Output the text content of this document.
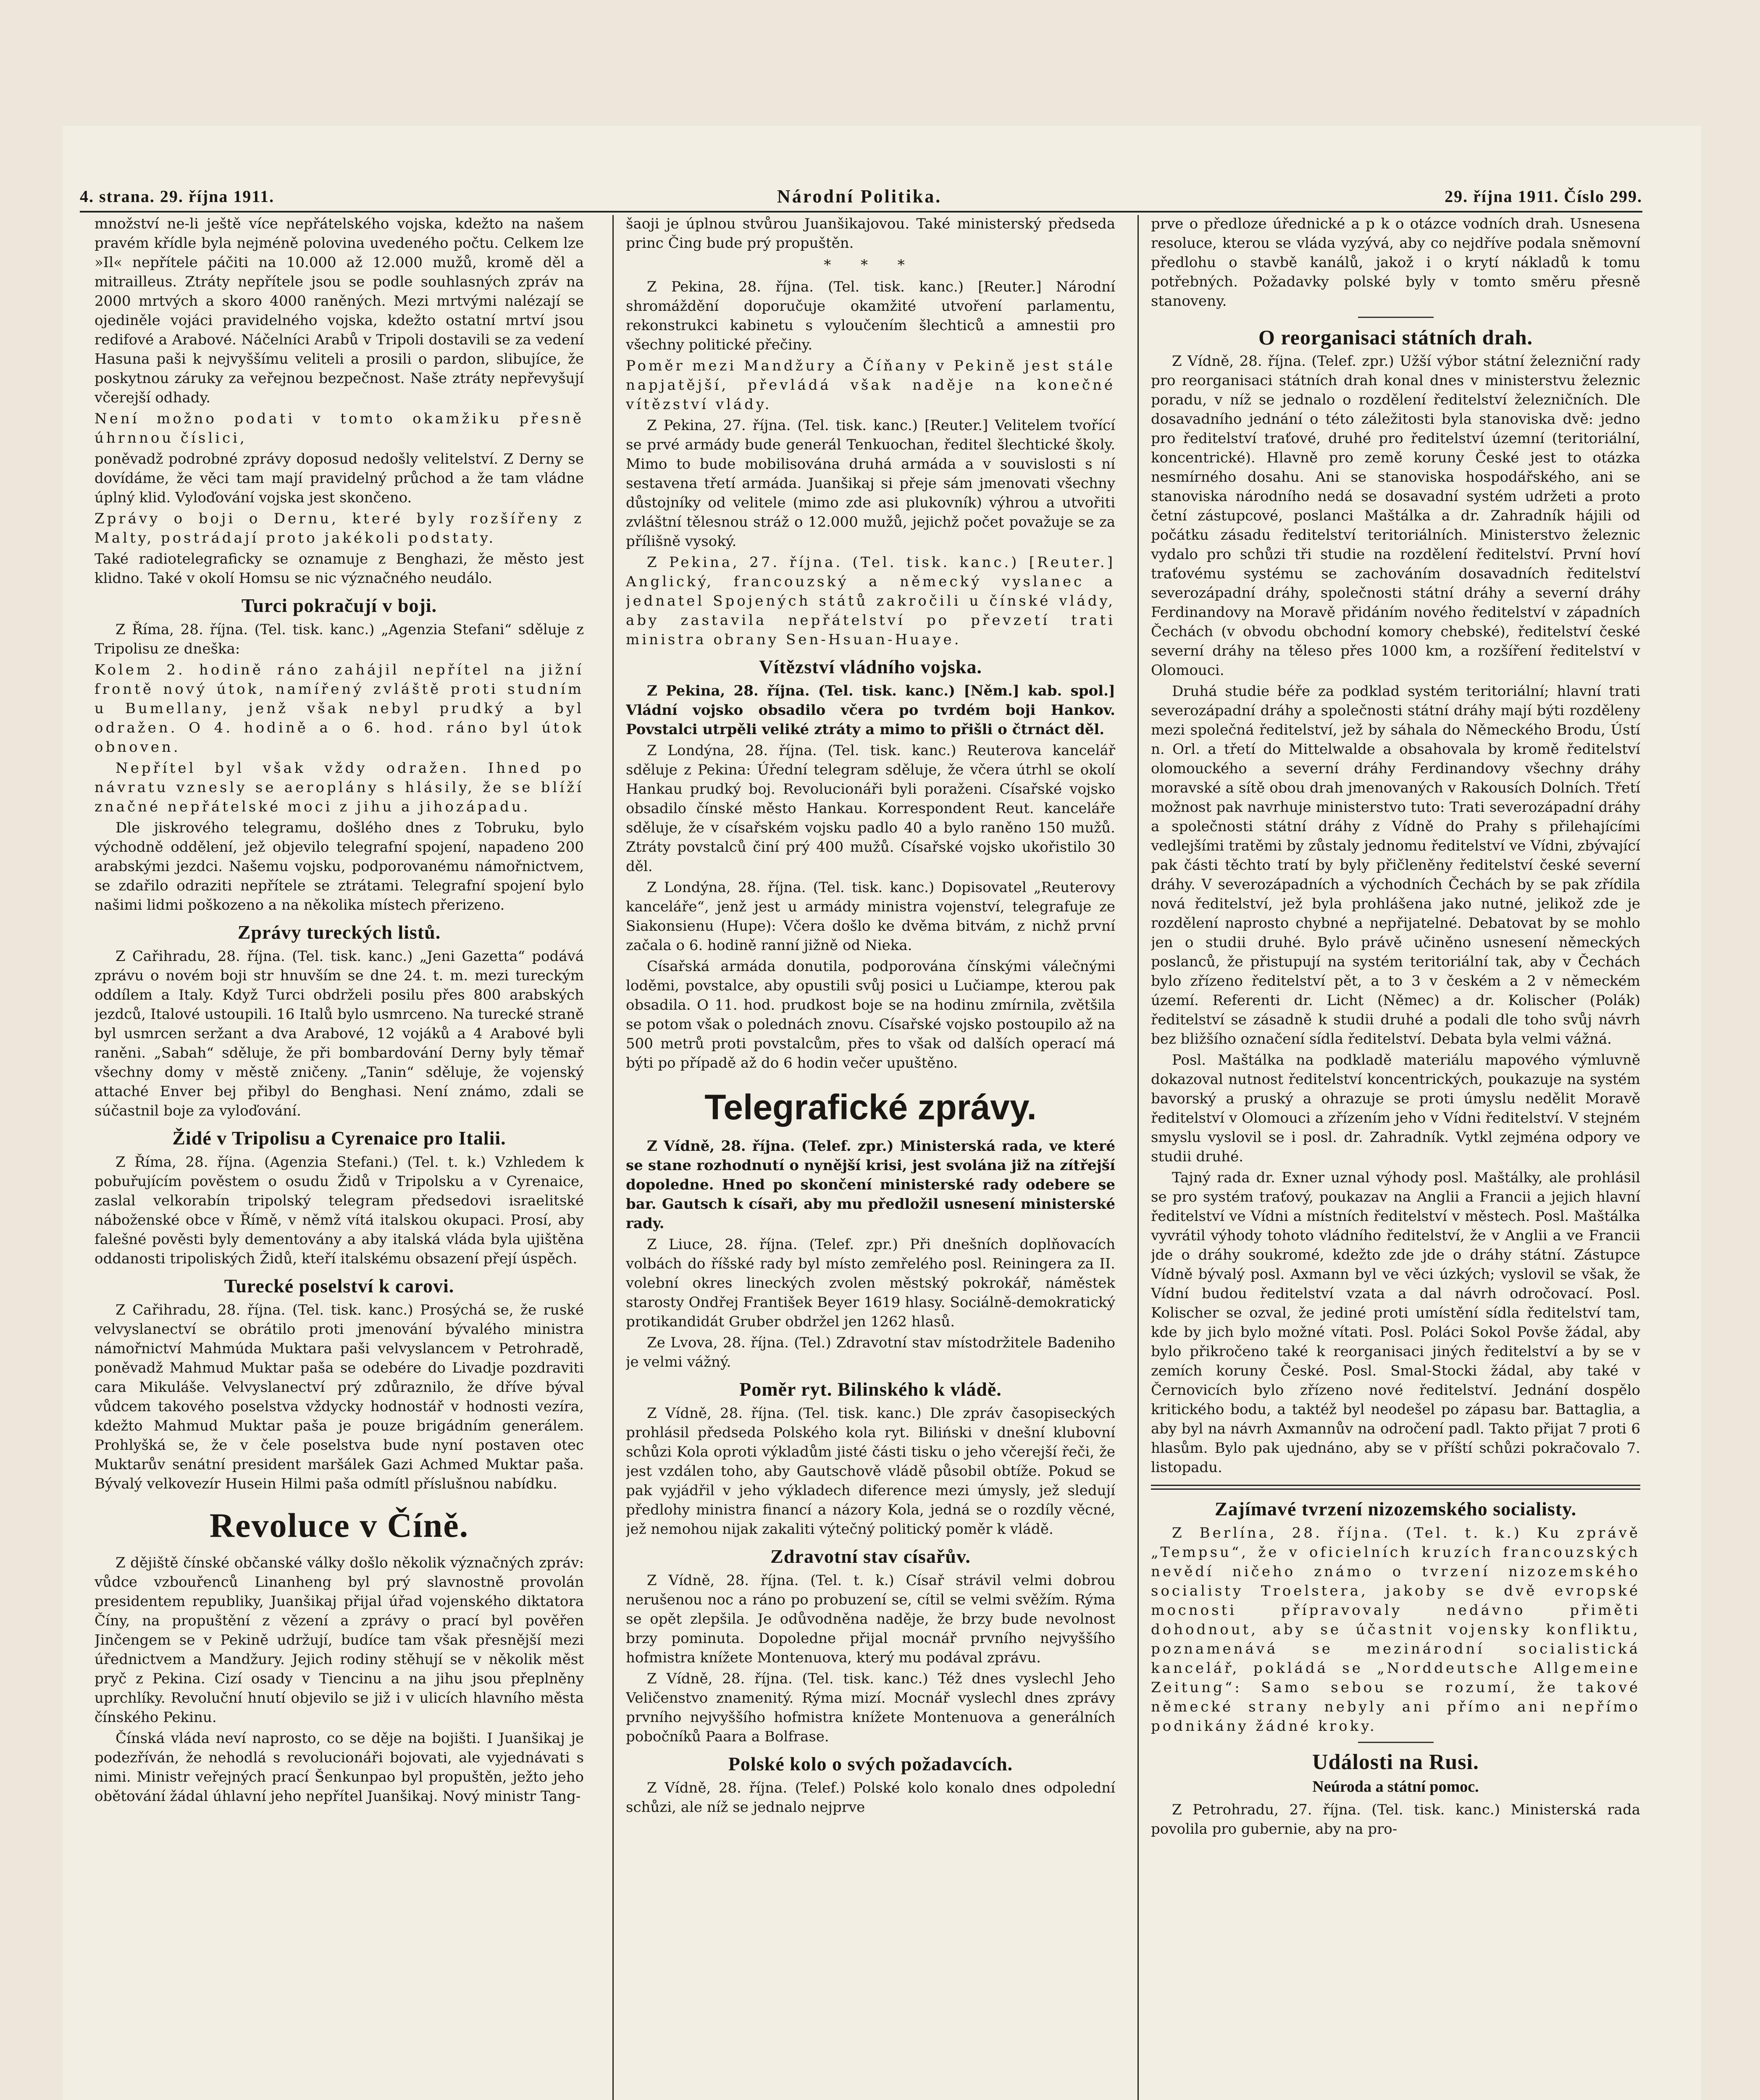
4. strana. 29. října 1911.	Národní Politika.	29. října 1911. Číslo 299.

množství ne-li ještě více nepřátelského vojska, kdežto na našem pravém křídle byla nejméně polovina uvedeného počtu. Celkem lze »Il« nepřítele páčiti na 10.000 až 12.000 mužů, kromě děl a mitrailleus. Ztráty nepřítele jsou se podle souhlasných zpráv na 2000 mrtvých a skoro 4000 raněných. Mezi mrtvými nalézají se ojediněle vojáci pravidelného vojska, kdežto ostatní mrtví jsou redifové a Arabové. Náčelníci Arabů v Tripoli dostavili se za vedení Hasuna paši k nejvyššímu veliteli a prosili o pardon, slibujíce, že poskytnou záruky za veřejnou bezpečnost. Naše ztráty nepřevyšují včerejší odhady.

Není možno podati v tomto okamžiku přesně úhrnnou číslici,

poněvadž podrobné zprávy doposud nedošly velitelství. Z Derny se dovídáme, že věci tam mají pravidelný průchod a že tam vládne úplný klid. Vyloďování vojska jest skončeno.

Zprávy o boji o Dernu, které byly rozšířeny z Malty, postrádají proto jakékoli podstaty.

Také radiotelegraficky se oznamuje z Benghazi, že město jest klidno. Také v okolí Homsu se nic význačného neudálo.

Turci pokračují v boji.

Z Říma, 28. října. (Tel. tisk. kanc.) „Agenzia Stefani“ sděluje z Tripolisu ze dneška:

Kolem 2. hodině ráno zahájil nepřítel na jižní frontě nový útok, namířený zvláště proti studním u Bumellany, jenž však nebyl prudký a byl odražen. O 4. hodině a o 6. hod. ráno byl útok obnoven.

Nepřítel byl však vždy odražen. Ihned po návratu vznesly se aeroplány s hlásily, že se blíží značné nepřátelské moci z jihu a jihozápadu.

Dle jiskrového telegramu, došlého dnes z Tobruku, bylo východně oddělení, jež objevilo telegrafní spojení, napadeno 200 arabskými jezdci. Našemu vojsku, podporovanému námořnictvem, se zdařilo odraziti nepřítele se ztrátami. Telegrafní spojení bylo našimi lidmi poškozeno a na několika místech přerizeno.

Zprávy tureckých listů.

Z Cařihradu, 28. října. (Tel. tisk. kanc.) „Jeni Gazetta“ podává zprávu o novém boji str hnuvším se dne 24. t. m. mezi tureckým oddílem a Italy. Když Turci obdrželi posilu přes 800 arabských jezdců, Italové ustoupili. 16 Italů bylo usmrceno. Na turecké straně byl usmrcen seržant a dva Arabové, 12 vojáků a 4 Arabové byli raněni. „Sabah“ sděluje, že při bombardování Derny byly těmař všechny domy v městě zničeny. „Tanin“ sděluje, že vojenský attaché Enver bej přibyl do Benghasi. Není známo, zdali se súčastnil boje za vyloďování.

Židé v Tripolisu a Cyrenaice pro Italii.

Z Říma, 28. října. (Agenzia Stefani.) (Tel. t. k.) Vzhledem k pobuřujícím pověstem o osudu Židů v Tripolsku a v Cyrenaice, zaslal velkorabín tripolský telegram předsedovi israelitské náboženské obce v Římě, v němž vítá italskou okupaci. Prosí, aby falešné pověsti byly dementovány a aby italská vláda byla ujištěna oddanosti tripoliských Židů, kteří italskému obsazení přejí úspěch.

Turecké poselství k carovi.

Z Cařihradu, 28. října. (Tel. tisk. kanc.) Prosýchá se, že ruské velvyslanectví se obrátilo proti jmenování bývalého ministra námořnictví Mahmúda Muktara paši velvyslancem v Petrohradě, poněvadž Mahmud Muktar paša se odebére do Livadje pozdraviti cara Mikuláše. Velvyslanectví prý zdůraznilo, že dříve býval vůdcem takového poselstva vždycky hodnostář v hodnosti vezíra, kdežto Mahmud Muktar paša je pouze brigádním generálem. Prohlyšká se, že v čele poselstva bude nyní postaven otec Muktarův senátní president maršálek Gazi Achmed Muktar paša. Bývalý velkovezír Husein Hilmi paša odmítl příslušnou nabídku.

Revoluce v Číně.

Z dějiště čínské občanské války došlo několik význačných zpráv: vůdce vzbouřenců Linanheng byl prý slavnostně provolán presidentem republiky, Juanšikaj přijal úřad vojenského diktatora Číny, na propuštění z vězení a zprávy o prací byl pověřen Jinčengem se v Pekině udržují, budíce tam však přesnější mezi úřednictvem a Mandžury. Jejich rodiny stěhují se v několik měst pryč z Pekina. Cizí osady v Tiencinu a na jihu jsou přeplněny uprchlíky. Revoluční hnutí objevilo se již i v ulicích hlavního města čínského Pekinu.

Čínská vláda neví naprosto, co se děje na bojišti. I Juanšikaj je podezříván, že nehodlá s revolucionáři bojovati, ale vyjednávati s nimi. Ministr veřejných prací Šenkunpao byl propuštěn, ježto jeho obětování žádal úhlavní jeho nepřítel Juanšikaj. Nový ministr Tang-

šaoji je úplnou stvůrou Juanšikajovou. Také ministerský předseda princ Čing bude prý propuštěn.

* * *

Z Pekina, 28. října. (Tel. tisk. kanc.) [Reuter.] Národní shromáždění doporučuje okamžité utvoření parlamentu, rekonstrukci kabinetu s vyloučením šlechticů a amnestii pro všechny politické přečiny.

Poměr mezi Mandžury a Číňany v Pekině jest stále napjatější, převládá však naděje na konečné vítězství vlády.

Z Pekina, 27. října. (Tel. tisk. kanc.) [Reuter.] Velitelem tvořící se prvé armády bude generál Tenkuochan, ředitel šlechtické školy. Mimo to bude mobilisována druhá armáda a v souvislosti s ní sestavena třetí armáda. Juanšikaj si přeje sám jmenovati všechny důstojníky od velitele (mimo zde asi plukovník) výhrou a utvořiti zvláštní tělesnou stráž o 12.000 mužů, jejichž počet považuje se za přílišně vysoký.

Z Pekina, 27. října. (Tel. tisk. kanc.) [Reuter.] Anglický, francouzský a německý vyslanec a jednatel Spojených států zakročili u čínské vlády, aby zastavila nepřátelství po převzetí trati ministra obrany Sen-Hsuan-Huaye.

Vítězství vládního vojska.

Z Pekina, 28. října. (Tel. tisk. kanc.) [Něm.] kab. spol.] Vládní vojsko obsadilo včera po tvrdém boji Hankov. Povstalci utrpěli veliké ztráty a mimo to přišli o čtrnáct děl.

Z Londýna, 28. října. (Tel. tisk. kanc.) Reuterova kancelář sděluje z Pekina: Úřední telegram sděluje, že včera útrhl se okolí Hankau prudký boj. Revolucionáři byli poraženi. Císařské vojsko obsadilo čínské město Hankau. Korrespondent Reut. kanceláře sděluje, že v císařském vojsku padlo 40 a bylo raněno 150 mužů. Ztráty povstalců činí prý 400 mužů. Císařské vojsko ukořistilo 30 děl.

Z Londýna, 28. října. (Tel. tisk. kanc.) Dopisovatel „Reuterovy kanceláře“, jenž jest u armády ministra vojenství, telegrafuje ze Siakonsienu (Hupe): Včera došlo ke dvěma bitvám, z nichž první začala o 6. hodině ranní jižně od Nieka.

Císařská armáda donutila, podporována čínskými válečnými loděmi, povstalce, aby opustili svůj posici u Lučiampe, kterou pak obsadila. O 11. hod. prudkost boje se na hodinu zmírnila, zvětšila se potom však o polednách znovu. Císařské vojsko postoupilo až na 500 metrů proti povstalcům, přes to však od dalších operací má býti po případě až do 6 hodin večer upuštěno.

Telegrafické zprávy.

Z Vídně, 28. října. (Telef. zpr.) Ministerská rada, ve které se stane rozhodnutí o nynější krisi, jest svolána již na zítřejší dopoledne. Hned po skončení ministerské rady odebere se bar. Gautsch k císaři, aby mu předložil usnesení ministerské rady.

Z Liuce, 28. října. (Telef. zpr.) Při dnešních doplňovacích volbách do říšské rady byl místo zemřelého posl. Reiningera za II. volební okres lineckých zvolen městský pokrokář, náměstek starosty Ondřej František Beyer 1619 hlasy. Sociálně-demokratický protikandidát Gruber obdržel jen 1262 hlasů.

Ze Lvova, 28. října. (Tel.) Zdravotní stav místodržitele Badeniho je velmi vážný.

Poměr ryt. Bilinského k vládě.

Z Vídně, 28. října. (Tel. tisk. kanc.) Dle zpráv časopiseckých prohlásil předseda Polského kola ryt. Biliński v dnešní klubovní schůzi Kola oproti výkladům jisté části tisku o jeho včerejší řeči, že jest vzdálen toho, aby Gautschově vládě působil obtíže. Pokud se pak vyjádřil v jeho výkladech diference mezi úmysly, jež sledují předlohy ministra financí a názory Kola, jedná se o rozdíly věcné, jež nemohou nijak zakaliti výtečný politický poměr k vládě.

Zdravotní stav císařův.

Z Vídně, 28. října. (Tel. t. k.) Císař strávil velmi dobrou nerušenou noc a ráno po probuzení se, cítil se velmi svěžím. Rýma se opět zlepšila. Je odůvodněna naděje, že brzy bude nevolnost brzy pominuta. Dopoledne přijal mocnář prvního nejvyššího hofmistra knížete Montenuova, který mu podával zprávu.

Z Vídně, 28. října. (Tel. tisk. kanc.) Též dnes vyslechl Jeho Veličenstvo znamenitý. Rýma mizí. Mocnář vyslechl dnes zprávy prvního nejvyššího hofmistra knížete Montenuova a generálních pobočníků Paara a Bolfrase.

Polské kolo o svých požadavcích.

Z Vídně, 28. října. (Telef.) Polské kolo konalo dnes odpolední schůzi, ale níž se jednalo nejprve

prve o předloze úřednické a p k o otázce vodních drah. Usnesena resoluce, kterou se vláda vyzývá, aby co nejdříve podala sněmovní předlohu o stavbě kanálů, jakož i o krytí nákladů k tomu potřebných. Požadavky polské byly v tomto směru přesně stanoveny.

O reorganisaci státních drah.

Z Vídně, 28. října. (Telef. zpr.) Užší výbor státní železniční rady pro reorganisaci státních drah konal dnes v ministerstvu železnic poradu, v níž se jednalo o rozdělení ředitelství železničních. Dle dosavadního jednání o této záležitosti byla stanoviska dvě: jedno pro ředitelství traťové, druhé pro ředitelství územní (teritoriální, koncentrické). Hlavně pro země koruny České jest to otázka nesmírného dosahu. Ani se stanoviska hospodářského, ani se stanoviska národního nedá se dosavadní systém udržeti a proto četní zástupcové, poslanci Maštálka a dr. Zahradník hájili od počátku zásadu ředitelství teritoriálních. Ministerstvo železnic vydalo pro schůzi tři studie na rozdělení ředitelství. První hoví traťovému systému se zachováním dosavadních ředitelství severozápadní dráhy, společnosti státní dráhy a severní dráhy Ferdinandovy na Moravě přidáním nového ředitelství v západních Čechách (v obvodu obchodní komory chebské), ředitelství české severní dráhy na těleso přes 1000 km, a rozšíření ředitelství v Olomouci.

Druhá studie béře za podklad systém teritoriální; hlavní trati severozápadní dráhy a společnosti státní dráhy mají býti rozděleny mezi společná ředitelství, jež by sáhala do Německého Brodu, Ústí n. Orl. a třetí do Mittelwalde a obsahovala by kromě ředitelství olomouckého a severní dráhy Ferdinandovy všechny dráhy moravské a sítě obou drah jmenovaných v Rakousích Dolních. Třetí možnost pak navrhuje ministerstvo tuto: Trati severozápadní dráhy a společnosti státní dráhy z Vídně do Prahy s přilehajícími vedlejšími tratěmi by zůstaly jednomu ředitelství ve Vídni, zbývající pak části těchto tratí by byly přičleněny ředitelství české severní dráhy. V severozápadních a východních Čechách by se pak zřídila nová ředitelství, jež byla prohlášena jako nutné, jelikož zde je rozdělení naprosto chybné a nepřijatelné. Debatovat by se mohlo jen o studii druhé. Bylo právě učiněno usnesení německých poslanců, že přistupují na systém teritoriální tak, aby v Čechách bylo zřízeno ředitelství pět, a to 3 v českém a 2 v německém území. Referenti dr. Licht (Němec) a dr. Kolischer (Polák) ředitelství se zásadně k studii druhé a podali dle toho svůj návrh bez bližšího označení sídla ředitelství. Debata byla velmi vážná.

Posl. Maštálka na podkladě materiálu mapového výmluvně dokazoval nutnost ředitelství koncentrických, poukazuje na systém bavorský a pruský a ohrazuje se proti úmyslu nedělit Moravě ředitelství v Olomouci a zřízením jeho v Vídni ředitelství. V stejném smyslu vyslovil se i posl. dr. Zahradník. Vytkl zejména odpory ve studii druhé.

Tajný rada dr. Exner uznal výhody posl. Maštálky, ale prohlásil se pro systém traťový, poukazav na Anglii a Francii a jejich hlavní ředitelství ve Vídni a místních ředitelství v městech. Posl. Maštálka vyvrátil výhody tohoto vládního ředitelství, že v Anglii a ve Francii jde o dráhy soukromé, kdežto zde jde o dráhy státní. Zástupce Vídně bývalý posl. Axmann byl ve věci úzkých; vyslovil se však, že Vídní budou ředitelství vzata a dal návrh odročovací. Posl. Kolischer se ozval, že jediné proti umístění sídla ředitelství tam, kde by jich bylo možné vítati. Posl. Poláci Sokol Povše žádal, aby bylo přikročeno také k reorganisaci jiných ředitelství a by se v zemích koruny České. Posl. Smal-Stocki žádal, aby také v Černovicích bylo zřízeno nové ředitelství. Jednání dospělo kritického bodu, a taktéž byl neodešel po zápasu bar. Battaglia, a aby byl na návrh Axmannův na odročení padl. Takto přijat 7 proti 6 hlasům. Bylo pak ujednáno, aby se v příští schůzi pokračovalo 7. listopadu.

Zajímavé tvrzení nizozemského socialisty.

Z Berlína, 28. října. (Tel. t. k.) Ku zprávě „Tempsu“, že v oficielních kruzích francouzských nevědí ničeho známo o tvrzení nizozemského socialisty Troelstera, jakoby se dvě evropské mocnosti přípravovaly nedávno přiměti dohodnout, aby se účastnit vojensky konfliktu, poznamenává se mezinárodní socialistická kancelář, pokládá se „Norddeutsche Allgemeine Zeitung“: Samo sebou se rozumí, že takové německé strany nebyly ani přímo ani nepřímo podnikány žádné kroky.

Události na Rusi.
Neúroda a státní pomoc.

Z Petrohradu, 27. října. (Tel. tisk. kanc.) Ministerská rada povolila pro gubernie, aby na pro-
